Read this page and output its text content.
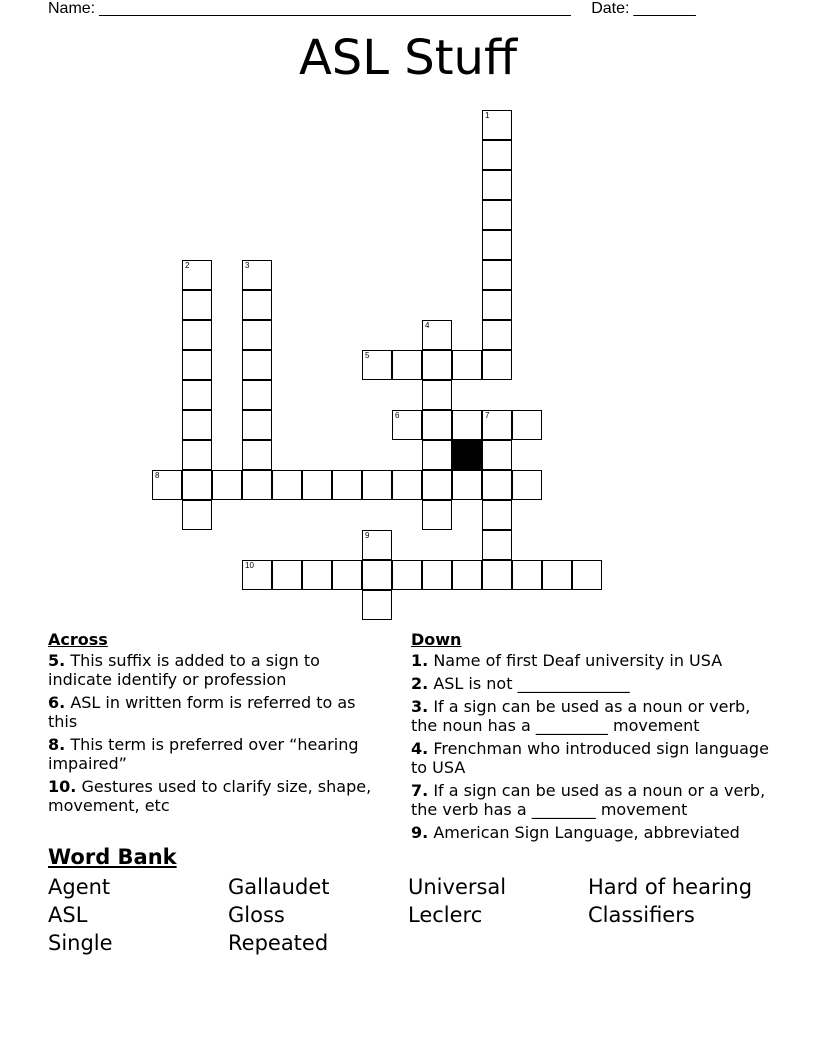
Name: _____________________________________________________ Date: _______
ASL Stuff
1
2	3
4
5
6	7
8
9
10
Across
5. This suffix is added to a sign to indicate identify or profession
6. ASL in written form is referred to as this
8. This term is preferred over “hearing impaired”
10. Gestures used to clarify size, shape, movement, etc
Down
1. Name of first Deaf university in USA
2. ASL is not ______________
3. If a sign can be used as a noun or verb, the noun has a _________ movement
4. Frenchman who introduced sign language to USA
7. If a sign can be used as a noun or a verb, the verb has a ________ movement
9. American Sign Language, abbreviated
Word Bank
Agent	Gallaudet	Universal	Hard of hearing
ASL	Gloss	Leclerc	Classifiers
Single	Repeated
